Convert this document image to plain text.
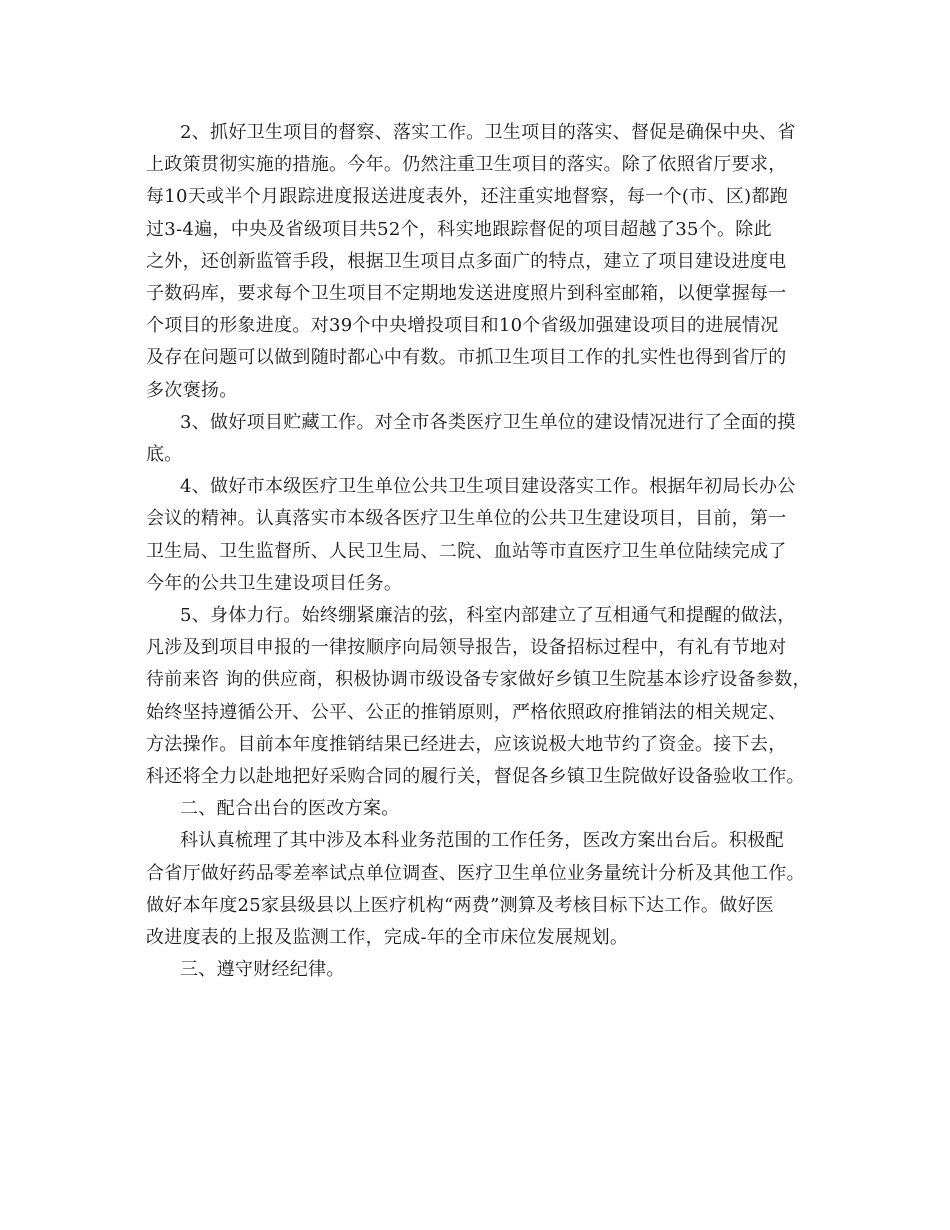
2、抓好卫生项目的督察、落实工作。卫生项目的落实、督促是确保中央、省
上政策贯彻实施的措施。今年。仍然注重卫生项目的落实。除了依照省厅要求，
每10天或半个月跟踪进度报送进度表外，还注重实地督察，每一个(市、区)都跑
过3-4遍，中央及省级项目共52个，科实地跟踪督促的项目超越了35个。除此
之外，还创新监管手段，根据卫生项目点多面广的特点，建立了项目建设进度电
子数码库，要求每个卫生项目不定期地发送进度照片到科室邮箱，以便掌握每一
个项目的形象进度。对39个中央增投项目和10个省级加强建设项目的进展情况
及存在问题可以做到随时都心中有数。市抓卫生项目工作的扎实性也得到省厅的
多次褒扬。
3、做好项目贮藏工作。对全市各类医疗卫生单位的建设情况进行了全面的摸
底。
4、做好市本级医疗卫生单位公共卫生项目建设落实工作。根据年初局长办公
会议的精神。认真落实市本级各医疗卫生单位的公共卫生建设项目，目前，第一
卫生局、卫生监督所、人民卫生局、二院、血站等市直医疗卫生单位陆续完成了
今年的公共卫生建设项目任务。
5、身体力行。始终绷紧廉洁的弦，科室内部建立了互相通气和提醒的做法，
凡涉及到项目申报的一律按顺序向局领导报告，设备招标过程中，有礼有节地对
待前来咨 询的供应商，积极协调市级设备专家做好乡镇卫生院基本诊疗设备参数，
始终坚持遵循公开、公平、公正的推销原则，严格依照政府推销法的相关规定、
方法操作。目前本年度推销结果已经进去，应该说极大地节约了资金。接下去，
科还将全力以赴地把好采购合同的履行关，督促各乡镇卫生院做好设备验收工作。
二、配合出台的医改方案。
科认真梳理了其中涉及本科业务范围的工作任务，医改方案出台后。积极配
合省厅做好药品零差率试点单位调查、医疗卫生单位业务量统计分析及其他工作。
做好本年度25家县级县以上医疗机构“两费”测算及考核目标下达工作。做好医
改进度表的上报及监测工作，完成-年的全市床位发展规划。
三、遵守财经纪律。
